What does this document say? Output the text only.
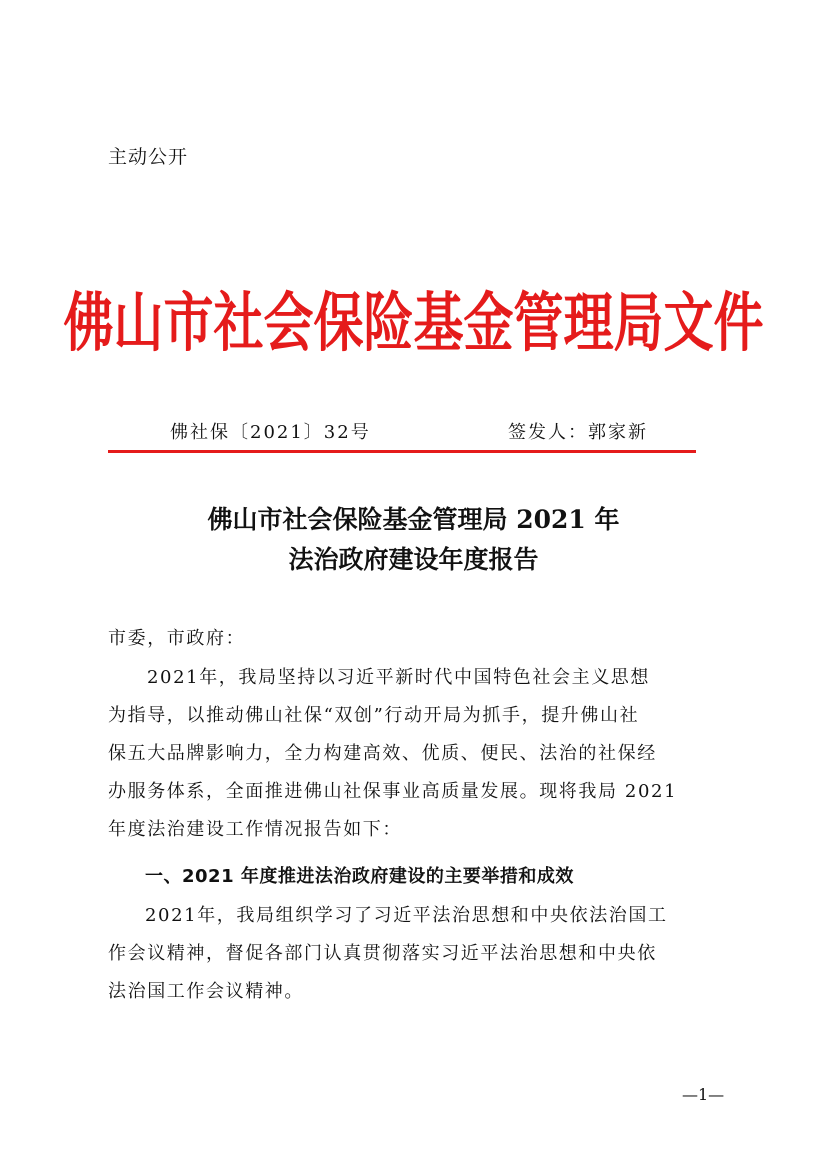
主动公开
佛山市社会保险基金管理局文件
佛社保〔2021〕32号	签发人：郭家新
佛山市社会保险基金管理局 2021 年
法治政府建设年度报告
市委，市政府：
2021年，我局坚持以习近平新时代中国特色社会主义思想
为指导，以推动佛山社保“双创”行动开局为抓手，提升佛山社
保五大品牌影响力，全力构建高效、优质、便民、法治的社保经
办服务体系，全面推进佛山社保事业高质量发展。现将我局 2021
年度法治建设工作情况报告如下：
一、2021 年度推进法治政府建设的主要举措和成效
2021年，我局组织学习了习近平法治思想和中央依法治国工
作会议精神，督促各部门认真贯彻落实习近平法治思想和中央依
法治国工作会议精神。
—1—
